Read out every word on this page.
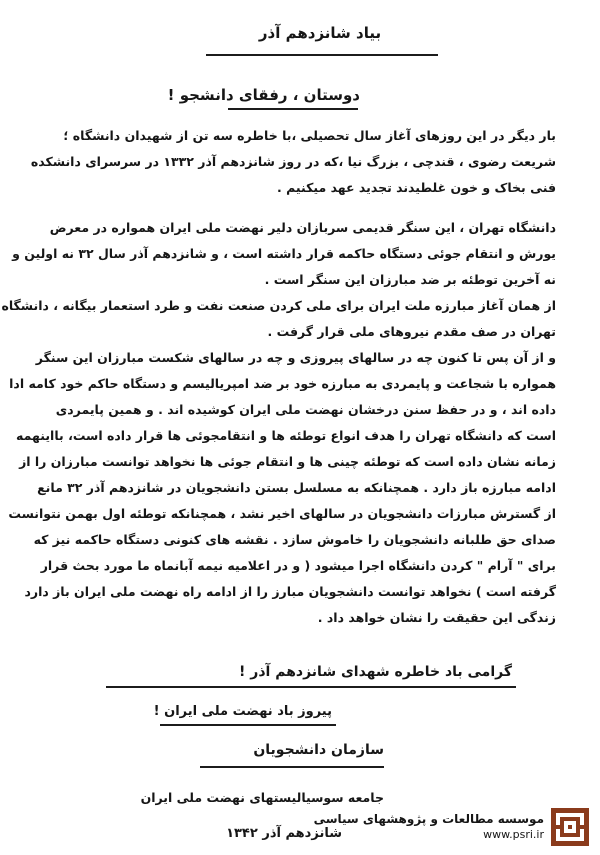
بیاد شانزدهم آذر
دوستان ، رفقای دانشجو !
بار دیگر در این روزهای آغاز سال تحصیلی ،با خاطره سه تن از شهیدان دانشگاه ؛
شریعت رضوی ، قندچی ، بزرگ نیا ،که در روز شانزدهم آذر ۱۳۳۲ در سرسرای دانشکده
فنی بخاک و خون غلطیدند تجدید عهد میکنیم .
دانشگاه تهران ، این سنگر قدیمی سربازان دلیر نهضت ملی ایران همواره در معرض
یورش و انتقام جوئی دستگاه حاکمه قرار داشته است ، و شانزدهم آذر سال ۳۲ نه اولین و
نه آخرین توطئه بر ضد مبارزان این سنگر است .
از همان آغاز مبارزه ملت ایران برای ملی کردن صنعت نفت و طرد استعمار بیگانه ، دانشگاه
تهران در صف مقدم نیروهای ملی قرار گرفت .
و از آن پس تا کنون چه در سالهای پیروزی و چه در سالهای شکست مبارزان این سنگر
همواره با شجاعت و پایمردی به مبارزه خود بر ضد امپریالیسم و دستگاه حاکم خود کامه ادا
داده اند ، و در حفظ سنن درخشان نهضت ملی ایران کوشیده اند . و همین پایمردی
است که دانشگاه تهران را هدف انواع توطئه ها و انتقامجوئی ها قرار داده است، بااینهمه
زمانه نشان داده است که توطئه چینی ها و انتقام جوئی ها نخواهد توانست مبارزان را از
ادامه مبارزه باز دارد . همچنانکه به مسلسل بستن دانشجویان در شانزدهم آذر ۳۲ مانع
از گسترش مبارزات دانشجویان در سالهای اخیر نشد ، همچنانکه توطئه اول بهمن نتوانست
صدای حق طلبانه دانشجویان را خاموش سازد . نقشه های کنونی دستگاه حاکمه نیز که
برای " آرام " کردن دانشگاه اجرا میشود ( و در اعلامیه نیمه آبانماه ما مورد بحث قرار
گرفته است ) نخواهد توانست دانشجویان مبارز را از ادامه راه نهضت ملی ایران باز دارد
زندگی این حقیقت را نشان خواهد داد .
گرامی باد خاطره شهدای شانزدهم آذر !
پیروز باد نهضت ملی ایران !
سازمان دانشجویان
جامعه سوسیالیستهای نهضت ملی ایران
شانزدهم آذر ۱۳۴۲
موسسه مطالعات و پژوهشهای سیاسی
www.psri.ir
